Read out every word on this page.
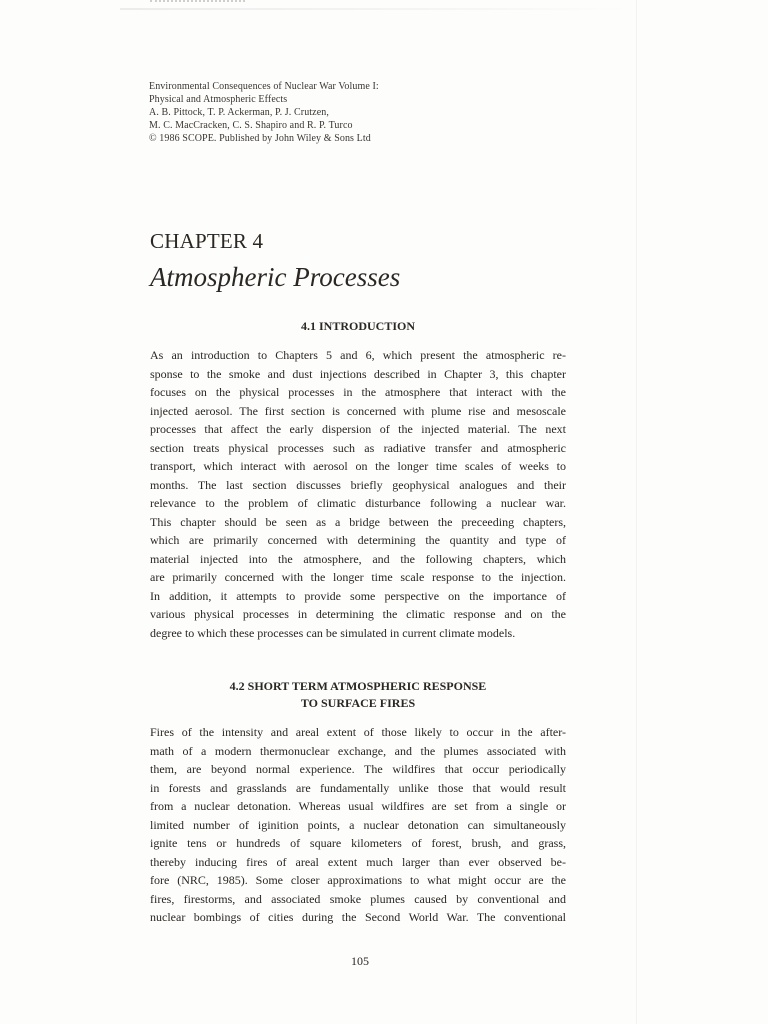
Environmental Consequences of Nuclear War Volume I:
Physical and Atmospheric Effects
A. B. Pittock, T. P. Ackerman, P. J. Crutzen,
M. C. MacCracken, C. S. Shapiro and R. P. Turco
© 1986 SCOPE. Published by John Wiley & Sons Ltd
CHAPTER 4
Atmospheric Processes
4.1 INTRODUCTION
As an introduction to Chapters 5 and 6, which present the atmospheric re-
sponse to the smoke and dust injections described in Chapter 3, this chapter
focuses on the physical processes in the atmosphere that interact with the
injected aerosol. The first section is concerned with plume rise and mesoscale
processes that affect the early dispersion of the injected material. The next
section treats physical processes such as radiative transfer and atmospheric
transport, which interact with aerosol on the longer time scales of weeks to
months. The last section discusses briefly geophysical analogues and their
relevance to the problem of climatic disturbance following a nuclear war.
This chapter should be seen as a bridge between the preceeding chapters,
which are primarily concerned with determining the quantity and type of
material injected into the atmosphere, and the following chapters, which
are primarily concerned with the longer time scale response to the injection.
In addition, it attempts to provide some perspective on the importance of
various physical processes in determining the climatic response and on the
degree to which these processes can be simulated in current climate models.
4.2 SHORT TERM ATMOSPHERIC RESPONSE
TO SURFACE FIRES
Fires of the intensity and areal extent of those likely to occur in the after-
math of a modern thermonuclear exchange, and the plumes associated with
them, are beyond normal experience. The wildfires that occur periodically
in forests and grasslands are fundamentally unlike those that would result
from a nuclear detonation. Whereas usual wildfires are set from a single or
limited number of iginition points, a nuclear detonation can simultaneously
ignite tens or hundreds of square kilometers of forest, brush, and grass,
thereby inducing fires of areal extent much larger than ever observed be-
fore (NRC, 1985). Some closer approximations to what might occur are the
fires, firestorms, and associated smoke plumes caused by conventional and
nuclear bombings of cities during the Second World War. The conventional
105
